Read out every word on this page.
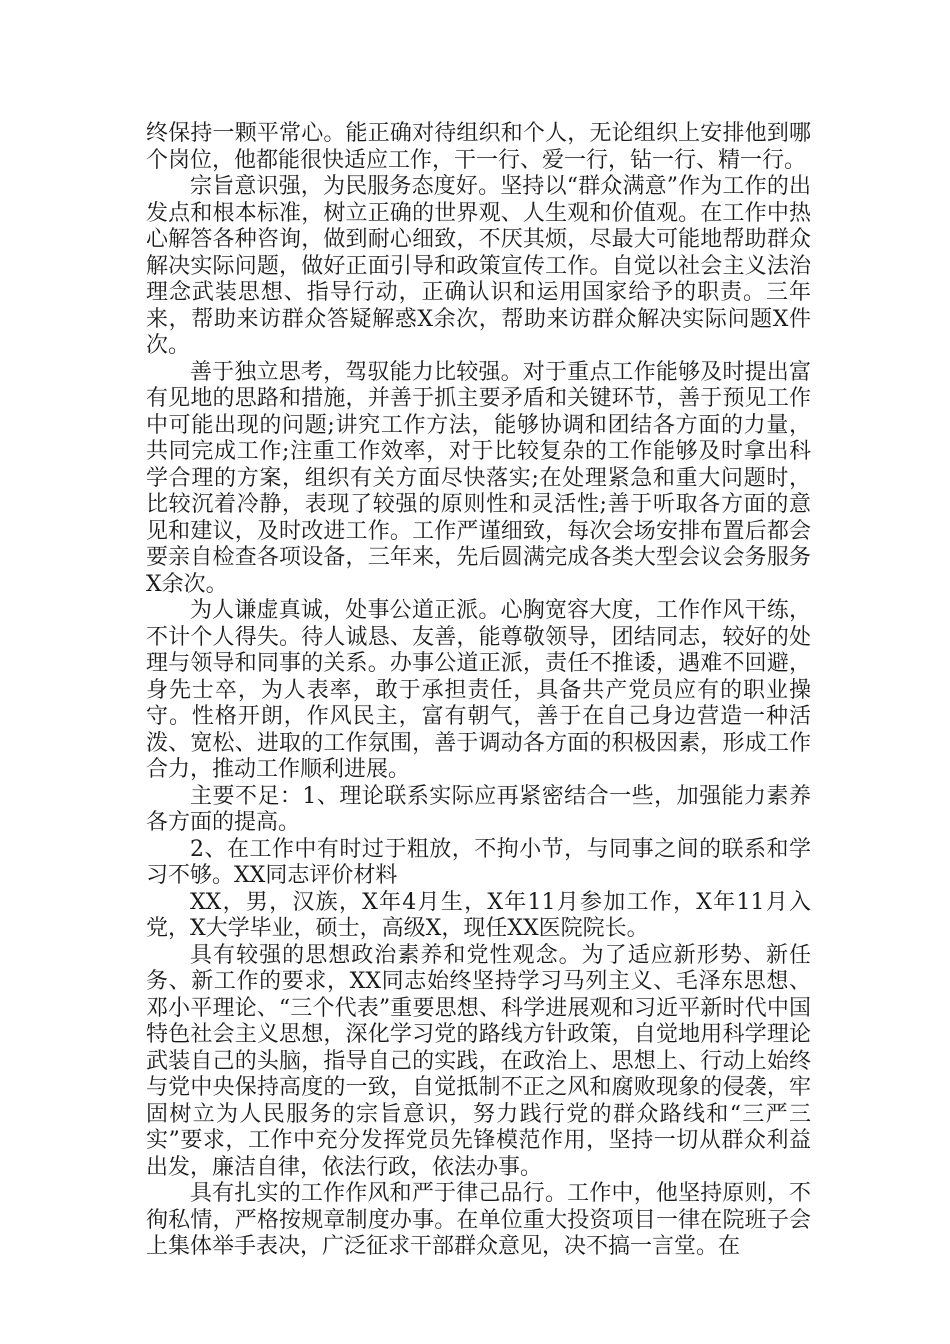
终保持一颗平常心。能正确对待组织和个人，无论组织上安排他到哪个岗位，他都能很快适应工作，干一行、爱一行，钻一行、精一行。

宗旨意识强，为民服务态度好。坚持以“群众满意”作为工作的出发点和根本标准，树立正确的世界观、人生观和价值观。在工作中热心解答各种咨询，做到耐心细致，不厌其烦，尽最大可能地帮助群众解决实际问题，做好正面引导和政策宣传工作。自觉以社会主义法治理念武装思想、指导行动，正确认识和运用国家给予的职责。三年来，帮助来访群众答疑解惑X余次，帮助来访群众解决实际问题X件次。

善于独立思考，驾驭能力比较强。对于重点工作能够及时提出富有见地的思路和措施，并善于抓主要矛盾和关键环节，善于预见工作中可能出现的问题;讲究工作方法，能够协调和团结各方面的力量，共同完成工作;注重工作效率，对于比较复杂的工作能够及时拿出科学合理的方案，组织有关方面尽快落实;在处理紧急和重大问题时，比较沉着冷静，表现了较强的原则性和灵活性;善于听取各方面的意见和建议，及时改进工作。工作严谨细致，每次会场安排布置后都会要亲自检查各项设备，三年来，先后圆满完成各类大型会议会务服务X余次。

为人谦虚真诚，处事公道正派。心胸宽容大度，工作作风干练，不计个人得失。待人诚恳、友善，能尊敬领导，团结同志，较好的处理与领导和同事的关系。办事公道正派，责任不推诿，遇难不回避，身先士卒，为人表率，敢于承担责任，具备共产党员应有的职业操守。性格开朗，作风民主，富有朝气，善于在自己身边营造一种活泼、宽松、进取的工作氛围，善于调动各方面的积极因素，形成工作合力，推动工作顺利进展。

主要不足：1、理论联系实际应再紧密结合一些，加强能力素养各方面的提高。

2、在工作中有时过于粗放，不拘小节，与同事之间的联系和学习不够。XX同志评价材料

XX，男，汉族，X年4月生，X年11月参加工作，X年11月入党，X大学毕业，硕士，高级X，现任XX医院院长。

具有较强的思想政治素养和党性观念。为了适应新形势、新任务、新工作的要求，XX同志始终坚持学习马列主义、毛泽东思想、邓小平理论、“三个代表”重要思想、科学进展观和习近平新时代中国特色社会主义思想，深化学习党的路线方针政策，自觉地用科学理论武装自己的头脑，指导自己的实践，在政治上、思想上、行动上始终与党中央保持高度的一致，自觉抵制不正之风和腐败现象的侵袭，牢固树立为人民服务的宗旨意识，努力践行党的群众路线和“三严三实”要求，工作中充分发挥党员先锋模范作用，坚持一切从群众利益出发，廉洁自律，依法行政，依法办事。

具有扎实的工作作风和严于律己品行。工作中，他坚持原则，不徇私情，严格按规章制度办事。在单位重大投资项目一律在院班子会上集体举手表决，广泛征求干部群众意见，决不搞一言堂。在
